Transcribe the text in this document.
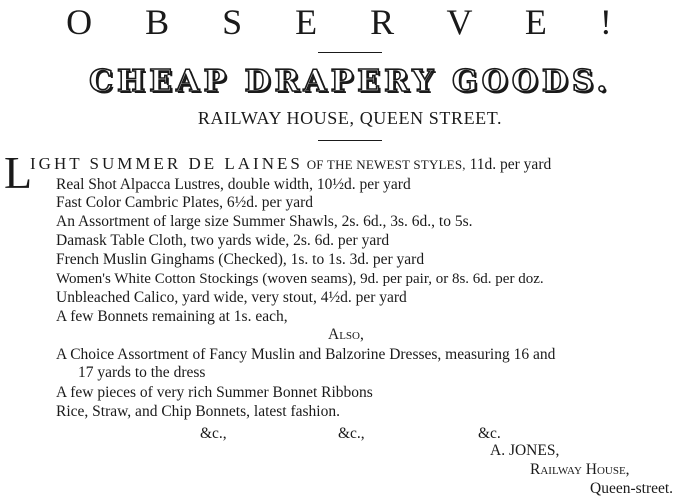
O B S E R V E !
CHEAP DRAPERY GOODS.
RAILWAY HOUSE, QUEEN STREET.
L
IGHT SUMMER DE LAINES OF THE NEWEST STYLES, 11d. per yard
Real Shot Alpacca Lustres, double width, 10½d. per yard
Fast Color Cambric Plates, 6½d. per yard
An Assortment of large size Summer Shawls, 2s. 6d., 3s. 6d., to 5s.
Damask Table Cloth, two yards wide, 2s. 6d. per yard
French Muslin Ginghams (Checked), 1s. to 1s. 3d. per yard
Women's White Cotton Stockings (woven seams), 9d. per pair, or 8s. 6d. per doz.
Unbleached Calico, yard wide, very stout, 4½d. per yard
A few Bonnets remaining at 1s. each,
Also,
A Choice Assortment of Fancy Muslin and Balzorine Dresses, measuring 16 and
17 yards to the dress
A few pieces of very rich Summer Bonnet Ribbons
Rice, Straw, and Chip Bonnets, latest fashion.
&c.,	&c.,	&c.
A. JONES,
Railway House,
Queen-street.
